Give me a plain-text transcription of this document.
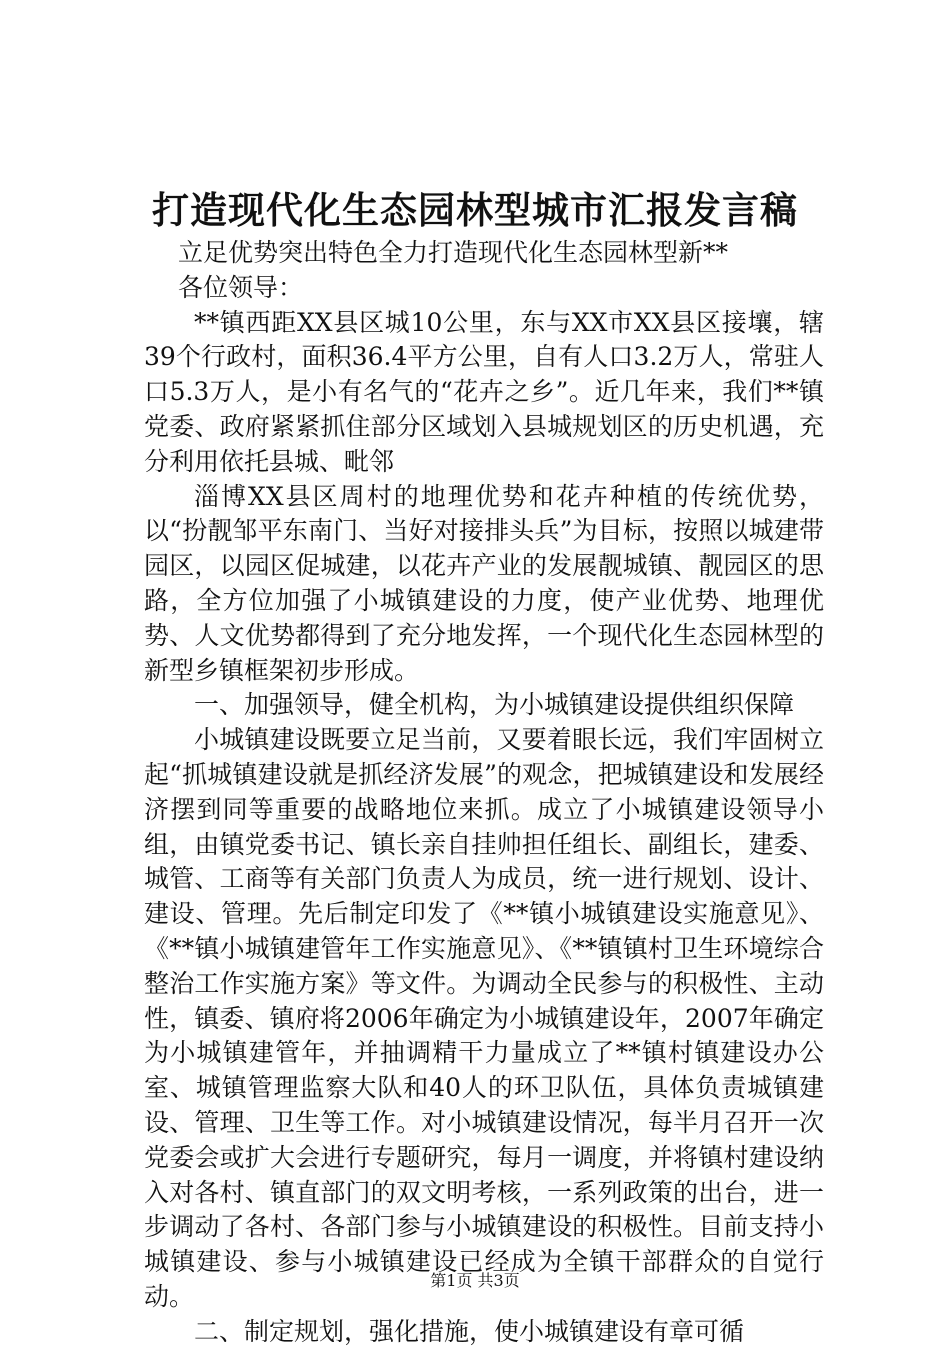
打造现代化生态园林型城市汇报发言稿

立足优势突出特色全力打造现代化生态园林型新**

各位领导：

**镇西距XX县区城10公里，东与XX市XX县区接壤，辖39个行政村，面积36.4平方公里，自有人口3.2万人，常驻人口5.3万人，是小有名气的“花卉之乡”。近几年来，我们**镇党委、政府紧紧抓住部分区域划入县城规划区的历史机遇，充分利用依托县城、毗邻

淄博XX县区周村的地理优势和花卉种植的传统优势，以“扮靓邹平东南门、当好对接排头兵”为目标，按照以城建带园区，以园区促城建，以花卉产业的发展靓城镇、靓园区的思路，全方位加强了小城镇建设的力度，使产业优势、地理优势、人文优势都得到了充分地发挥，一个现代化生态园林型的新型乡镇框架初步形成。

一、加强领导，健全机构，为小城镇建设提供组织保障

小城镇建设既要立足当前，又要着眼长远，我们牢固树立起“抓城镇建设就是抓经济发展”的观念，把城镇建设和发展经济摆到同等重要的战略地位来抓。成立了小城镇建设领导小组，由镇党委书记、镇长亲自挂帅担任组长、副组长，建委、城管、工商等有关部门负责人为成员，统一进行规划、设计、建设、管理。先后制定印发了《**镇小城镇建设实施意见》、《**镇小城镇建管年工作实施意见》、《**镇镇村卫生环境综合整治工作实施方案》等文件。为调动全民参与的积极性、主动性，镇委、镇府将2006年确定为小城镇建设年，2007年确定为小城镇建管年，并抽调精干力量成立了**镇村镇建设办公室、城镇管理监察大队和40人的环卫队伍，具体负责城镇建设、管理、卫生等工作。对小城镇建设情况，每半月召开一次党委会或扩大会进行专题研究，每月一调度，并将镇村建设纳入对各村、镇直部门的双文明考核，一系列政策的出台，进一步调动了各村、各部门参与小城镇建设的积极性。目前支持小城镇建设、参与小城镇建设已经成为全镇干部群众的自觉行动。

二、制定规划，强化措施，使小城镇建设有章可循

第1页 共3页
